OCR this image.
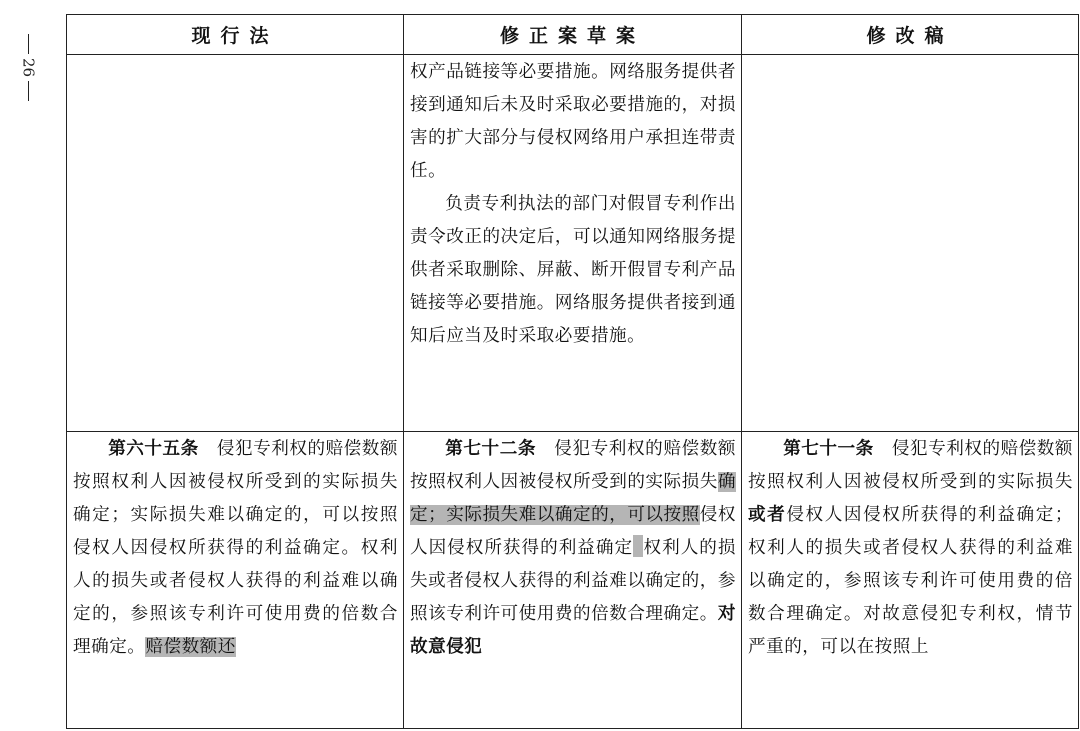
26
现行法	修正案草案	修改稿

	权产品链接等必要措施。网络服务提供者接到通知后未及时采取必要措施的，对损害的扩大部分与侵权网络用户承担连带责任。

负责专利执法的部门对假冒专利作出责令改正的决定后，可以通知网络服务提供者采取删除、屏蔽、断开假冒专利产品链接等必要措施。网络服务提供者接到通知后应当及时采取必要措施。	

第六十五条　侵犯专利权的赔偿数额按照权利人因被侵权所受到的实际损失确定；实际损失难以确定的，可以按照侵权人因侵权所获得的利益确定。权利人的损失或者侵权人获得的利益难以确定的，参照该专利许可使用费的倍数合理确定。赔偿数额还	第七十二条　侵犯专利权的赔偿数额按照权利人因被侵权所受到的实际损失确定；实际损失难以确定的，可以按照侵权人因侵权所获得的利益确定 权利人的损失或者侵权人获得的利益难以确定的，参照该专利许可使用费的倍数合理确定。对故意侵犯	第七十一条　侵犯专利权的赔偿数额按照权利人因被侵权所受到的实际损失或者侵权人因侵权所获得的利益确定；权利人的损失或者侵权人获得的利益难以确定的，参照该专利许可使用费的倍数合理确定。对故意侵犯专利权，情节严重的，可以在按照上
